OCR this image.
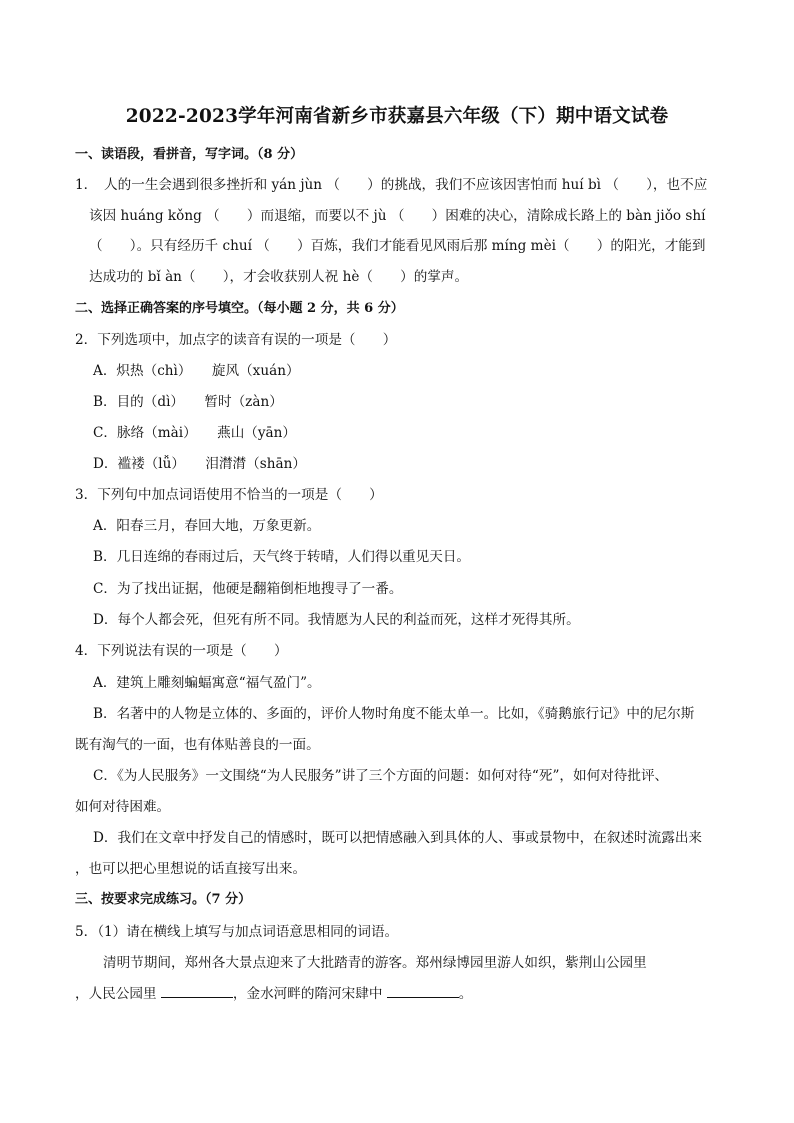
2022-2023学年河南省新乡市获嘉县六年级（下）期中语文试卷
一、读语段，看拼音，写字词。（8 分）
1．　人的一生会遇到很多挫折和 yán jùn （　　）的挑战，我们不应该因害怕而 huí bì （　　），也不应
该因 huáng kǒng （　　）而退缩，而要以不 jù （　　）困难的决心，清除成长路上的 bàn jiǒo shí
（　　）。只有经历千 chuí （　　）百炼，我们才能看见风雨后那 míng mèi（　　）的阳光，才能到
达成功的 bǐ àn（　　），才会收获别人祝 hè（　　）的掌声。
二、选择正确答案的序号填空。（每小题 2 分，共 6 分）
2．下列选项中，加点字的读音有误的一项是（　　）
A．炽热（chì）　　旋风（xuán）
B．目的（dì）　　暂时（zàn）
C．脉络（mài）　　燕山（yān）
D．褴褛（lǚ）　　泪潸潸（shān）
3．下列句中加点词语使用不恰当的一项是（　　）
A．阳春三月，春回大地，万象更新。
B．几日连绵的春雨过后，天气终于转晴，人们得以重见天日。
C．为了找出证据，他硬是翻箱倒柜地搜寻了一番。
D．每个人都会死，但死有所不同。我情愿为人民的利益而死，这样才死得其所。
4．下列说法有误的一项是（　　）
A．建筑上雕刻蝙蝠寓意“福气盈门”。
B．名著中的人物是立体的、多面的，评价人物时角度不能太单一。比如，《骑鹅旅行记》中的尼尔斯
既有淘气的一面，也有体贴善良的一面。
C．《为人民服务》一文围绕“为人民服务”讲了三个方面的问题：如何对待“死”，如何对待批评、
如何对待困难。
D．我们在文章中抒发自己的情感时，既可以把情感融入到具体的人、事或景物中，在叙述时流露出来
，也可以把心里想说的话直接写出来。
三、按要求完成练习。（7 分）
5．（1）请在横线上填写与加点词语意思相同的词语。
清明节期间，郑州各大景点迎来了大批踏青的游客。郑州绿博园里游人如织，紫荆山公园里
，人民公园里	，金水河畔的隋河宋肆中	。
